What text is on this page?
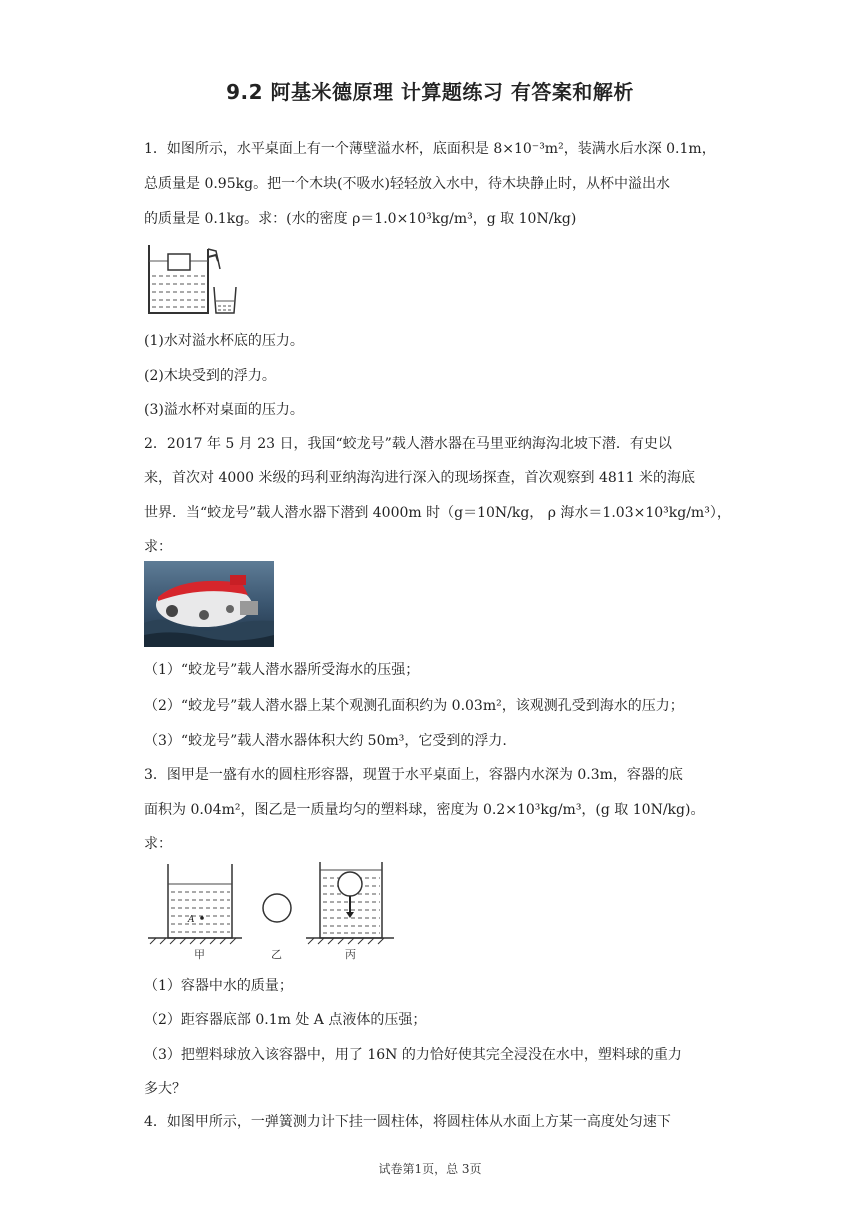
9.2 阿基米德原理 计算题练习 有答案和解析
1．如图所示，水平桌面上有一个薄壁溢水杯，底面积是 8×10⁻³m²，装满水后水深 0.1m，
总质量是 0.95kg。把一个木块(不吸水)轻轻放入水中，待木块静止时，从杯中溢出水
的质量是 0.1kg。求：(水的密度 ρ＝1.0×10³kg/m³，g 取 10N/kg)
(1)水对溢水杯底的压力。
(2)木块受到的浮力。
(3)溢水杯对桌面的压力。
2．2017 年 5 月 23 日，我国“蛟龙号”载人潜水器在马里亚纳海沟北坡下潜．有史以
来，首次对 4000 米级的玛利亚纳海沟进行深入的现场探查，首次观察到 4811 米的海底
世界．当“蛟龙号”载人潜水器下潜到 4000m 时（g＝10N/kg， ρ 海水＝1.03×10³kg/m³），
求：
（1）“蛟龙号”载人潜水器所受海水的压强；
（2）“蛟龙号”载人潜水器上某个观测孔面积约为 0.03m²，该观测孔受到海水的压力；
（3）“蛟龙号”载人潜水器体积大约 50m³，它受到的浮力.
3．图甲是一盛有水的圆柱形容器，现置于水平桌面上，容器内水深为 0.3m，容器的底
面积为 0.04m²，图乙是一质量均匀的塑料球，密度为 0.2×10³kg/m³，(g 取 10N/kg)。
求：
A
甲	乙	丙
（1）容器中水的质量；
（2）距容器底部 0.1m 处 A 点液体的压强；
（3）把塑料球放入该容器中，用了 16N 的力恰好使其完全浸没在水中，塑料球的重力
多大？
4．如图甲所示，一弹簧测力计下挂一圆柱体，将圆柱体从水面上方某一高度处匀速下
试卷第1页，总 3页
